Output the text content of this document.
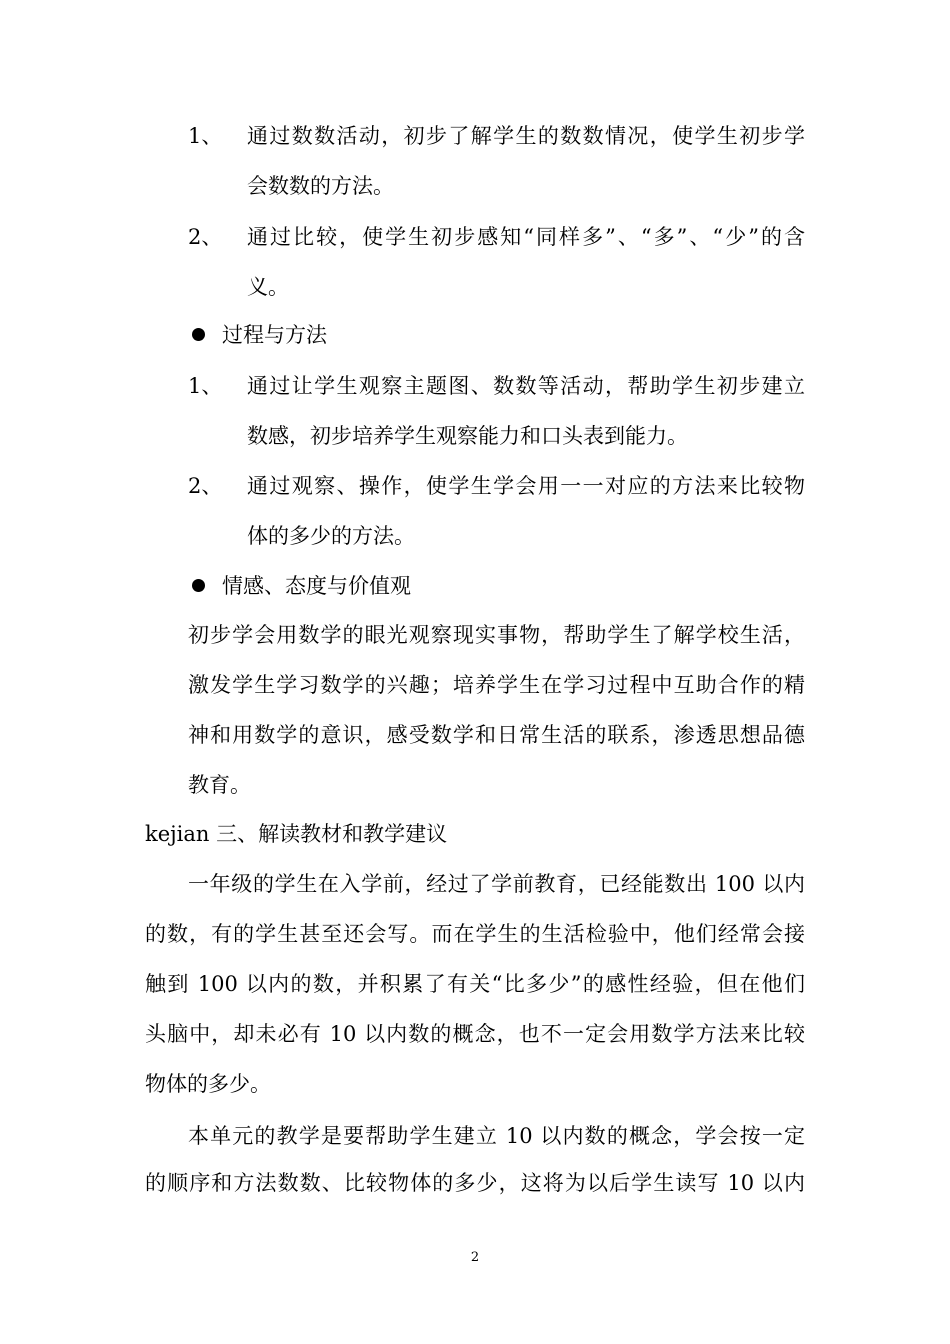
1、 通过数数活动，初步了解学生的数数情况，使学生初步学
会数数的方法。
2、 通过比较，使学生初步感知“同样多”、“多”、“少”的含
义。
过程与方法
1、 通过让学生观察主题图、数数等活动，帮助学生初步建立
数感，初步培养学生观察能力和口头表到能力。
2、 通过观察、操作，使学生学会用一一对应的方法来比较物
体的多少的方法。
情感、态度与价值观
初步学会用数学的眼光观察现实事物，帮助学生了解学校生活，
激发学生学习数学的兴趣；培养学生在学习过程中互助合作的精
神和用数学的意识，感受数学和日常生活的联系，渗透思想品德
教育。
kejian 三、解读教材和教学建议
一年级的学生在入学前，经过了学前教育，已经能数出 100 以内
的数，有的学生甚至还会写。而在学生的生活检验中，他们经常会接
触到 100 以内的数，并积累了有关“比多少”的感性经验，但在他们
头脑中，却未必有 10 以内数的概念，也不一定会用数学方法来比较
物体的多少。
本单元的教学是要帮助学生建立 10 以内数的概念，学会按一定
的顺序和方法数数、比较物体的多少，这将为以后学生读写 10 以内
2
